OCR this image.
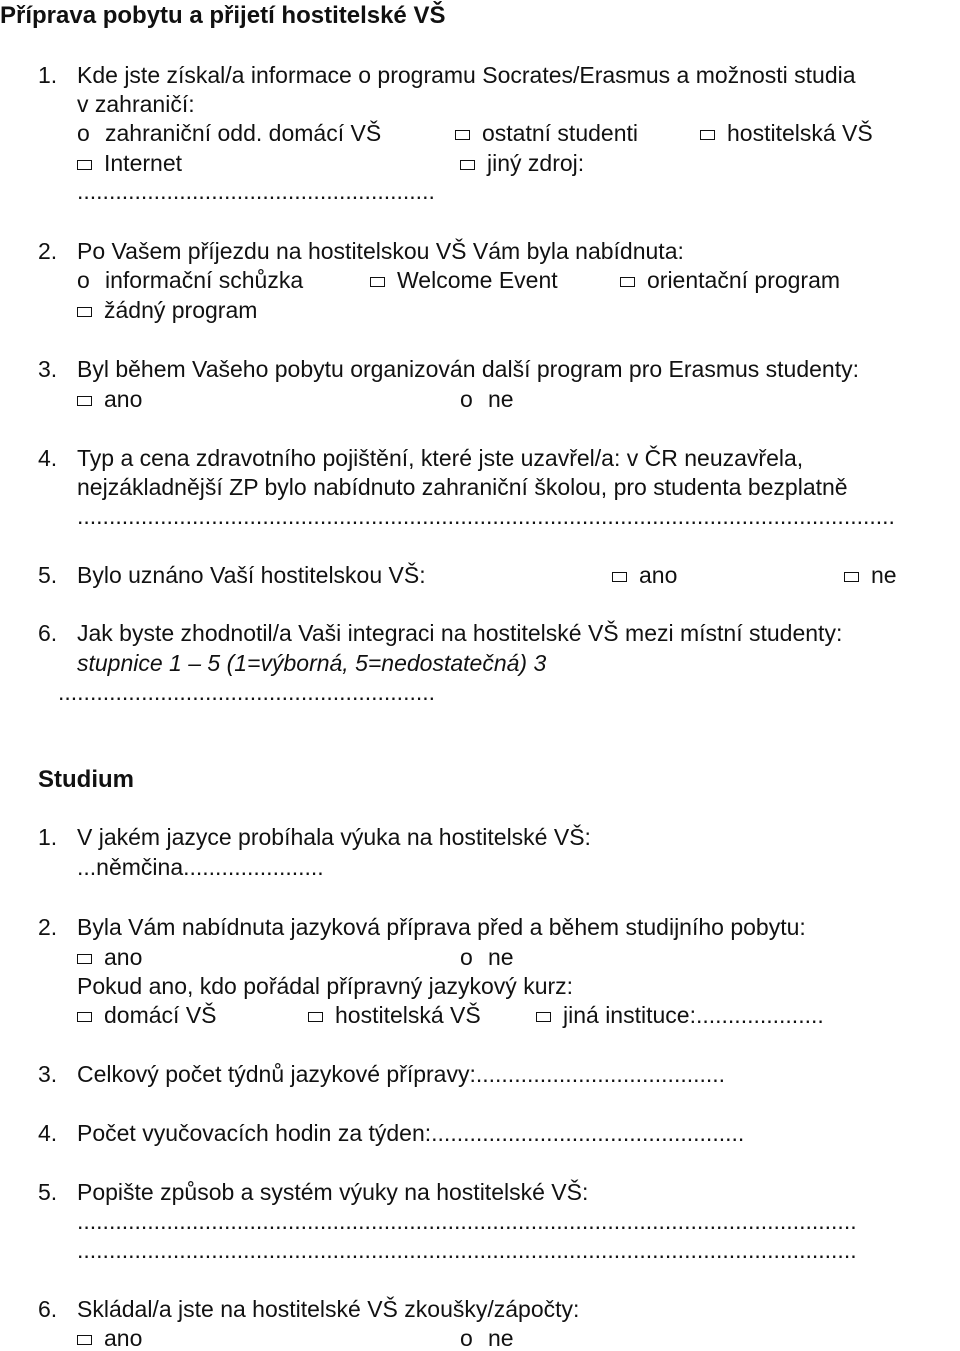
Příprava pobytu a přijetí hostitelské VŠ
1. Kde jste získal/a informace o programu Socrates/Erasmus a možnosti studia
v zahraničí:
o zahraniční odd. domácí VŠ	ostatní studenti	hostitelská VŠ
Internet	jiný zdroj:
........................................................
2. Po Vašem příjezdu na hostitelskou VŠ Vám byla nabídnuta:
o informační schůzka	Welcome Event	orientační program
žádný program
3. Byl během Vašeho pobytu organizován další program pro Erasmus studenty:
ano	o ne
4. Typ a cena zdravotního pojištění, které jste uzavřel/a: v ČR neuzavřela,
nejzákladnější ZP bylo nabídnuto zahraniční školou, pro studenta bezplatně
................................................................................................................................
5. Bylo uznáno Vaší hostitelskou VŠ:	ano	ne
6. Jak byste zhodnotil/a Vaši integraci na hostitelské VŠ mezi místní studenty:
stupnice 1 – 5 (1=výborná, 5=nedostatečná) 3
...........................................................
Studium
1. V jakém jazyce probíhala výuka na hostitelské VŠ:
...němčina......................
2. Byla Vám nabídnuta jazyková příprava před a během studijního pobytu:
ano	o ne
Pokud ano, kdo pořádal přípravný jazykový kurz:
domácí VŠ	hostitelská VŠ	jiná instituce:....................
3. Celkový počet týdnů jazykové přípravy:.......................................
4. Počet vyučovacích hodin za týden:.................................................
5. Popište způsob a systém výuky na hostitelské VŠ:
..........................................................................................................................
..........................................................................................................................
6. Skládal/a jste na hostitelské VŠ zkoušky/zápočty:
ano	o ne
